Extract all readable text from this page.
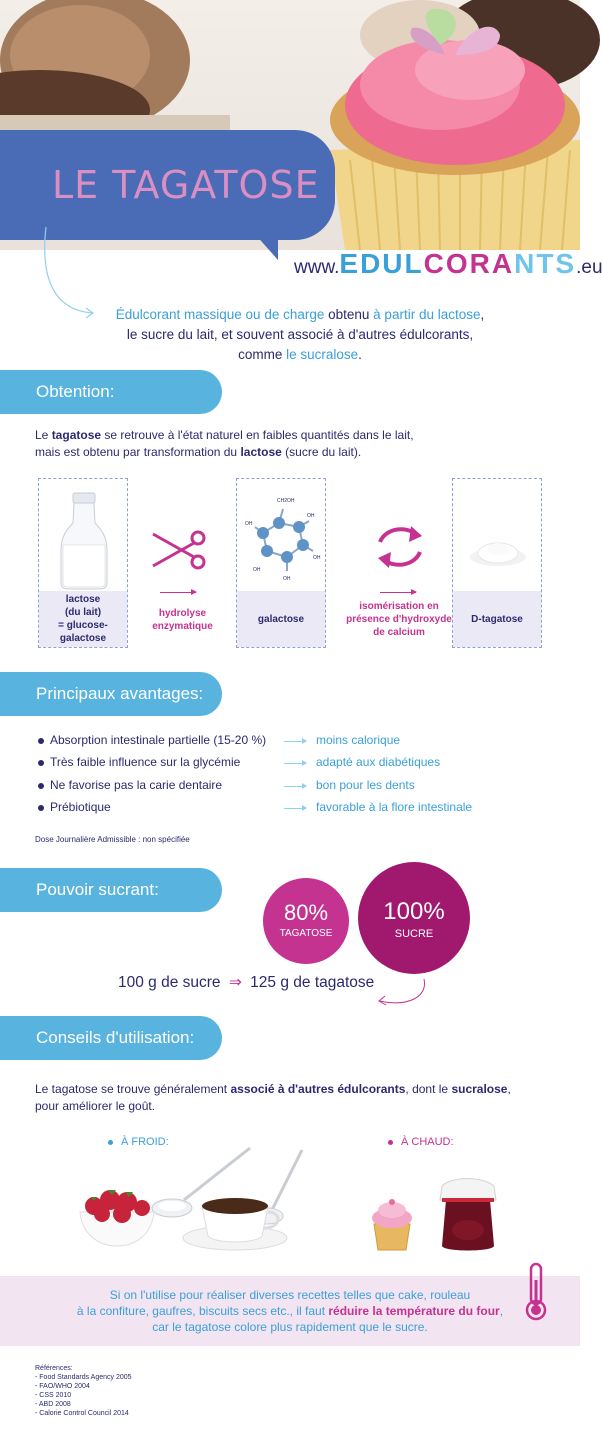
LE TAGATOSE
www.EDULCORANTS.eu
Édulcorant massique ou de charge obtenu à partir du lactose,
le sucre du lait, et souvent associé à d'autres édulcorants,
comme le sucralose.
Obtention:
Le tagatose se retrouve à l'état naturel en faibles quantités dans le lait,
mais est obtenu par transformation du lactose (sucre du lait).
lactose
(du lait)
= glucose-galactose
hydrolyse
enzymatique
CH2OH
OH
OH
OH
OH
OH
galactose
isomérisation en
présence d'hydroxyde
de calcium
D-tagatose
Principaux avantages:
Absorption intestinale partielle (15-20 %)	moins calorique
Très faible influence sur la glycémie	adapté aux diabétiques
Ne favorise pas la carie dentaire	bon pour les dents
Prébiotique	favorable à la flore intestinale
Dose Journalière Admissible : non spécifiée
Pouvoir sucrant:
80%
TAGATOSE
100%
SUCRE
100 g de sucre ⇒ 125 g de tagatose
Conseils d'utilisation:
Le tagatose se trouve généralement associé à d'autres édulcorants, dont le sucralose,
pour améliorer le goût.
À FROID:	À CHAUD:
Si on l'utilise pour réaliser diverses recettes telles que cake, rouleau
à la confiture, gaufres, biscuits secs etc., il faut réduire la température du four,
car le tagatose colore plus rapidement que le sucre.
Références:
- Food Standards Agency 2005
- FAO/WHO 2004
- CSS 2010
- ABD 2008
- Calorie Control Council 2014
